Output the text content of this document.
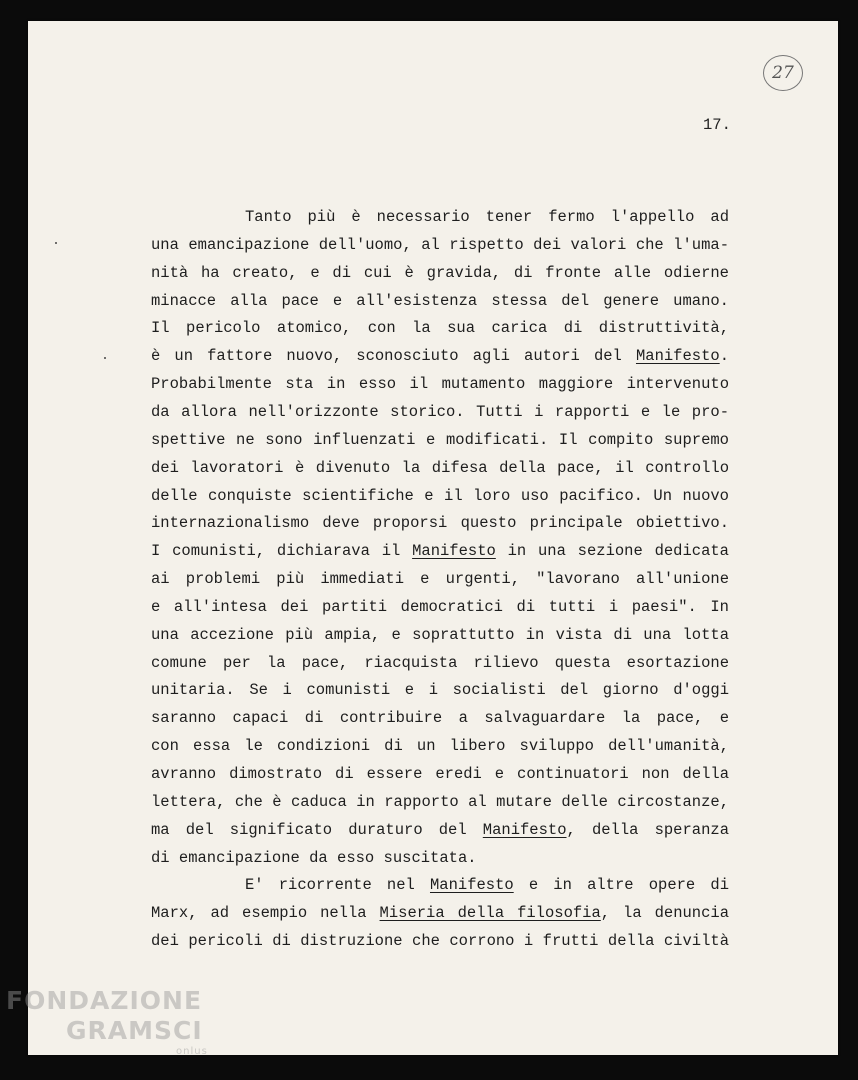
27
17.
Tanto più è necessario tener fermo l'appello ad
una emancipazione dell'uomo, al rispetto dei valori che l'uma-
nità ha creato, e di cui è gravida, di fronte alle odierne
minacce alla pace e all'esistenza stessa del genere umano.
Il pericolo atomico, con la sua carica di distruttività,
è un fattore nuovo, sconosciuto agli autori del Manifesto.
Probabilmente sta in esso il mutamento maggiore intervenuto
da allora nell'orizzonte storico. Tutti i rapporti e le pro-
spettive ne sono influenzati e modificati. Il compito supremo
dei lavoratori è divenuto la difesa della pace, il controllo
delle conquiste scientifiche e il loro uso pacifico. Un nuovo
internazionalismo deve proporsi questo principale obiettivo.
I comunisti, dichiarava il Manifesto in una sezione dedicata
ai problemi più immediati e urgenti, "lavorano all'unione
e all'intesa dei partiti democratici di tutti i paesi". In
una accezione più ampia, e soprattutto in vista di una lotta
comune per la pace, riacquista rilievo questa esortazione
unitaria. Se i comunisti e i socialisti del giorno d'oggi
saranno capaci di contribuire a salvaguardare la pace, e
con essa le condizioni di un libero sviluppo dell'umanità,
avranno dimostrato di essere eredi e continuatori non della
lettera, che è caduca in rapporto al mutare delle circostanze,
ma del significato duraturo del Manifesto, della speranza
di emancipazione da esso suscitata.
E' ricorrente nel Manifesto e in altre opere di
Marx, ad esempio nella Miseria della filosofia, la denuncia
dei pericoli di distruzione che corrono i frutti della civiltà
FONDAZIONE
GRAMSCI
onlus
